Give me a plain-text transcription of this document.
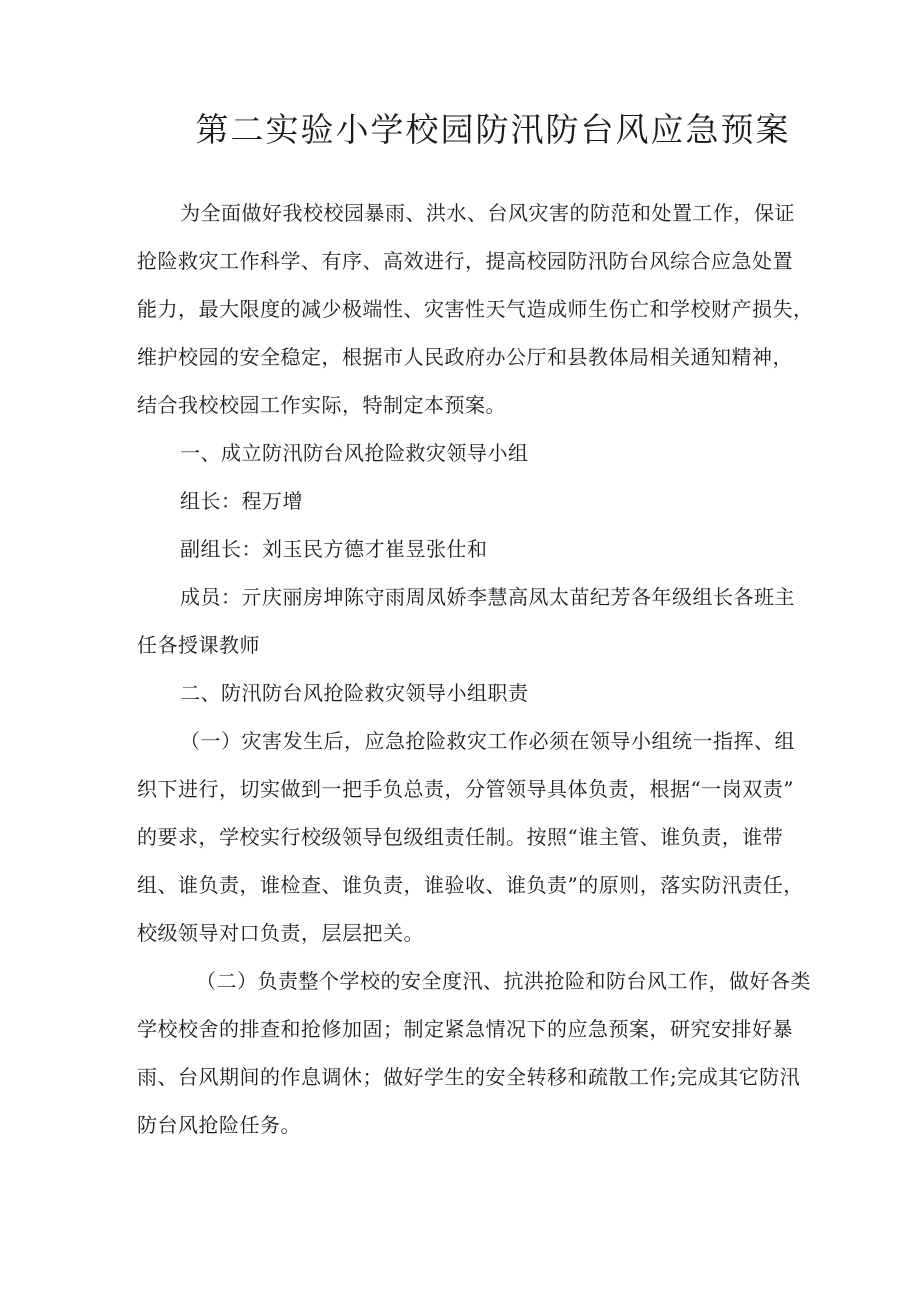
第二实验小学校园防汛防台风应急预案

为全面做好我校校园暴雨、洪水、台风灾害的防范和处置工作，保证

抢险救灾工作科学、有序、高效进行，提高校园防汛防台风综合应急处置

能力，最大限度的减少极端性、灾害性天气造成师生伤亡和学校财产损失，

维护校园的安全稳定，根据市人民政府办公厅和县教体局相关通知精神，

结合我校校园工作实际，特制定本预案。

一、成立防汛防台风抢险救灾领导小组

组长：程万增

副组长：刘玉民方德才崔昱张仕和

成员：亓庆丽房坤陈守雨周凤娇李慧高凤太苗纪芳各年级组长各班主

任各授课教师

二、防汛防台风抢险救灾领导小组职责

（一）灾害发生后，应急抢险救灾工作必须在领导小组统一指挥、组

织下进行，切实做到一把手负总责，分管领导具体负责，根据“一岗双责”

的要求，学校实行校级领导包级组责任制。按照“谁主管、谁负责，谁带

组、谁负责，谁检查、谁负责，谁验收、谁负责”的原则，落实防汛责任，

校级领导对口负责，层层把关。

（二）负责整个学校的安全度汛、抗洪抢险和防台风工作，做好各类

学校校舍的排查和抢修加固；制定紧急情况下的应急预案，研究安排好暴

雨、台风期间的作息调休；做好学生的安全转移和疏散工作;完成其它防汛

防台风抢险任务。
